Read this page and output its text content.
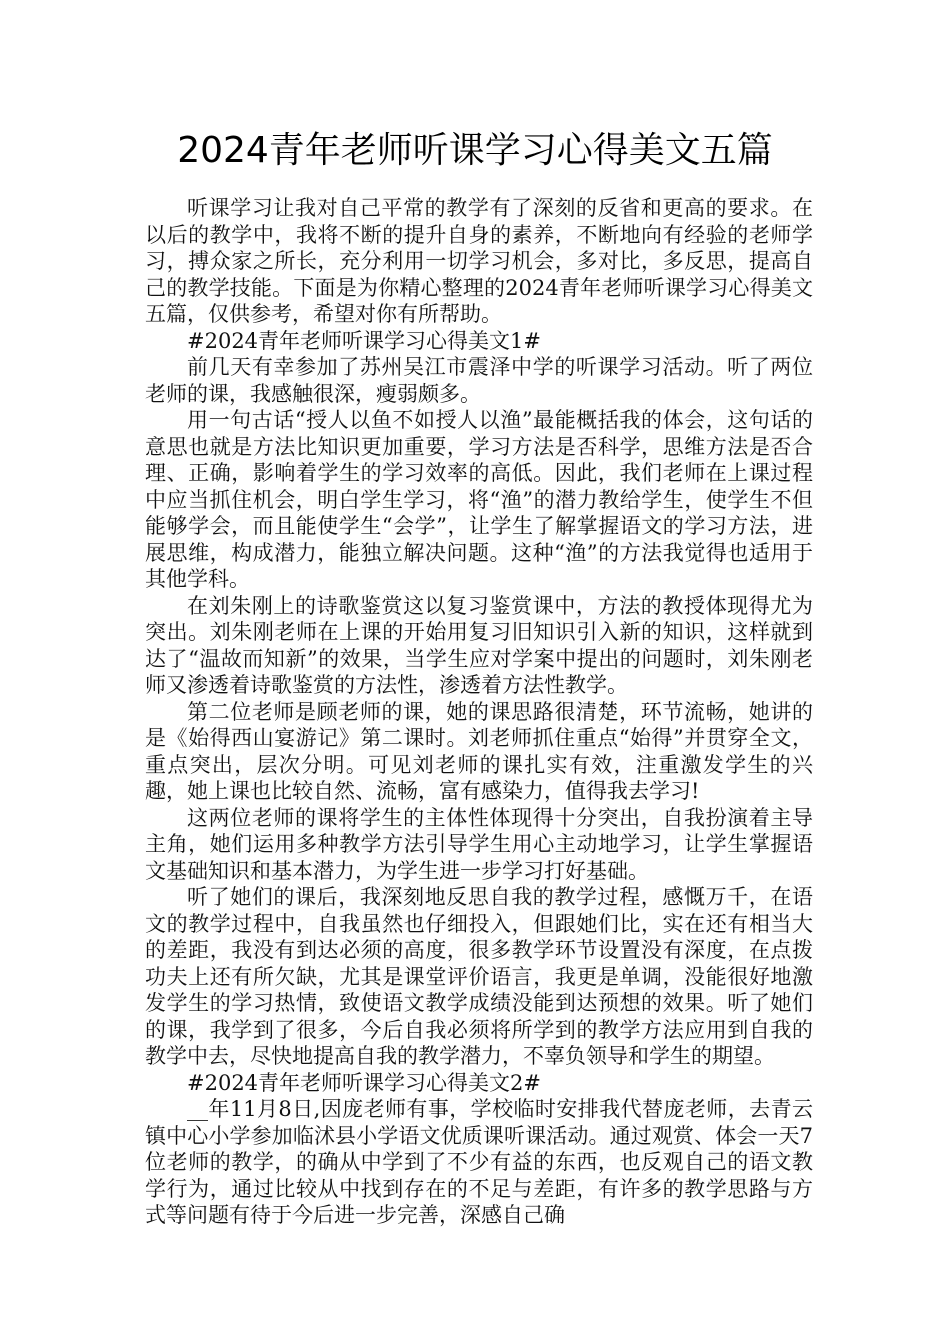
2024青年老师听课学习心得美文五篇

听课学习让我对自己平常的教学有了深刻的反省和更高的要求。在以后的教学中，我将不断的提升自身的素养，不断地向有经验的老师学习，搏众家之所长，充分利用一切学习机会，多对比，多反思，提高自己的教学技能。下面是为你精心整理的2024青年老师听课学习心得美文五篇，仅供参考，希望对你有所帮助。

#2024青年老师听课学习心得美文1#

前几天有幸参加了苏州吴江市震泽中学的听课学习活动。听了两位老师的课，我感触很深，瘦弱颇多。

用一句古话“授人以鱼不如授人以渔”最能概括我的体会，这句话的意思也就是方法比知识更加重要，学习方法是否科学，思维方法是否合理、正确，影响着学生的学习效率的高低。因此，我们老师在上课过程中应当抓住机会，明白学生学习，将“渔”的潜力教给学生，使学生不但能够学会，而且能使学生“会学”，让学生了解掌握语文的学习方法，进展思维，构成潜力，能独立解决问题。这种“渔”的方法我觉得也适用于其他学科。

在刘朱刚上的诗歌鉴赏这以复习鉴赏课中，方法的教授体现得尤为突出。刘朱刚老师在上课的开始用复习旧知识引入新的知识，这样就到达了“温故而知新”的效果，当学生应对学案中提出的问题时，刘朱刚老师又渗透着诗歌鉴赏的方法性，渗透着方法性教学。

第二位老师是顾老师的课，她的课思路很清楚，环节流畅，她讲的是《始得西山宴游记》第二课时。刘老师抓住重点“始得”并贯穿全文，重点突出，层次分明。可见刘老师的课扎实有效，注重激发学生的兴趣，她上课也比较自然、流畅，富有感染力，值得我去学习!

这两位老师的课将学生的主体性体现得十分突出，自我扮演着主导主角，她们运用多种教学方法引导学生用心主动地学习，让学生掌握语文基础知识和基本潜力，为学生进一步学习打好基础。

听了她们的课后，我深刻地反思自我的教学过程，感慨万千，在语文的教学过程中，自我虽然也仔细投入，但跟她们比，实在还有相当大的差距，我没有到达必须的高度，很多教学环节设置没有深度，在点拨功夫上还有所欠缺，尤其是课堂评价语言，我更是单调，没能很好地激发学生的学习热情，致使语文教学成绩没能到达预想的效果。听了她们的课，我学到了很多，今后自我必须将所学到的教学方法应用到自我的教学中去，尽快地提高自我的教学潜力，不辜负领导和学生的期望。

#2024青年老师听课学习心得美文2#

__年11月8日,因庞老师有事，学校临时安排我代替庞老师，去青云镇中心小学参加临沭县小学语文优质课听课活动。通过观赏、体会一天7位老师的教学，的确从中学到了不少有益的东西，也反观自己的语文教学行为，通过比较从中找到存在的不足与差距，有许多的教学思路与方式等问题有待于今后进一步完善，深感自己确
